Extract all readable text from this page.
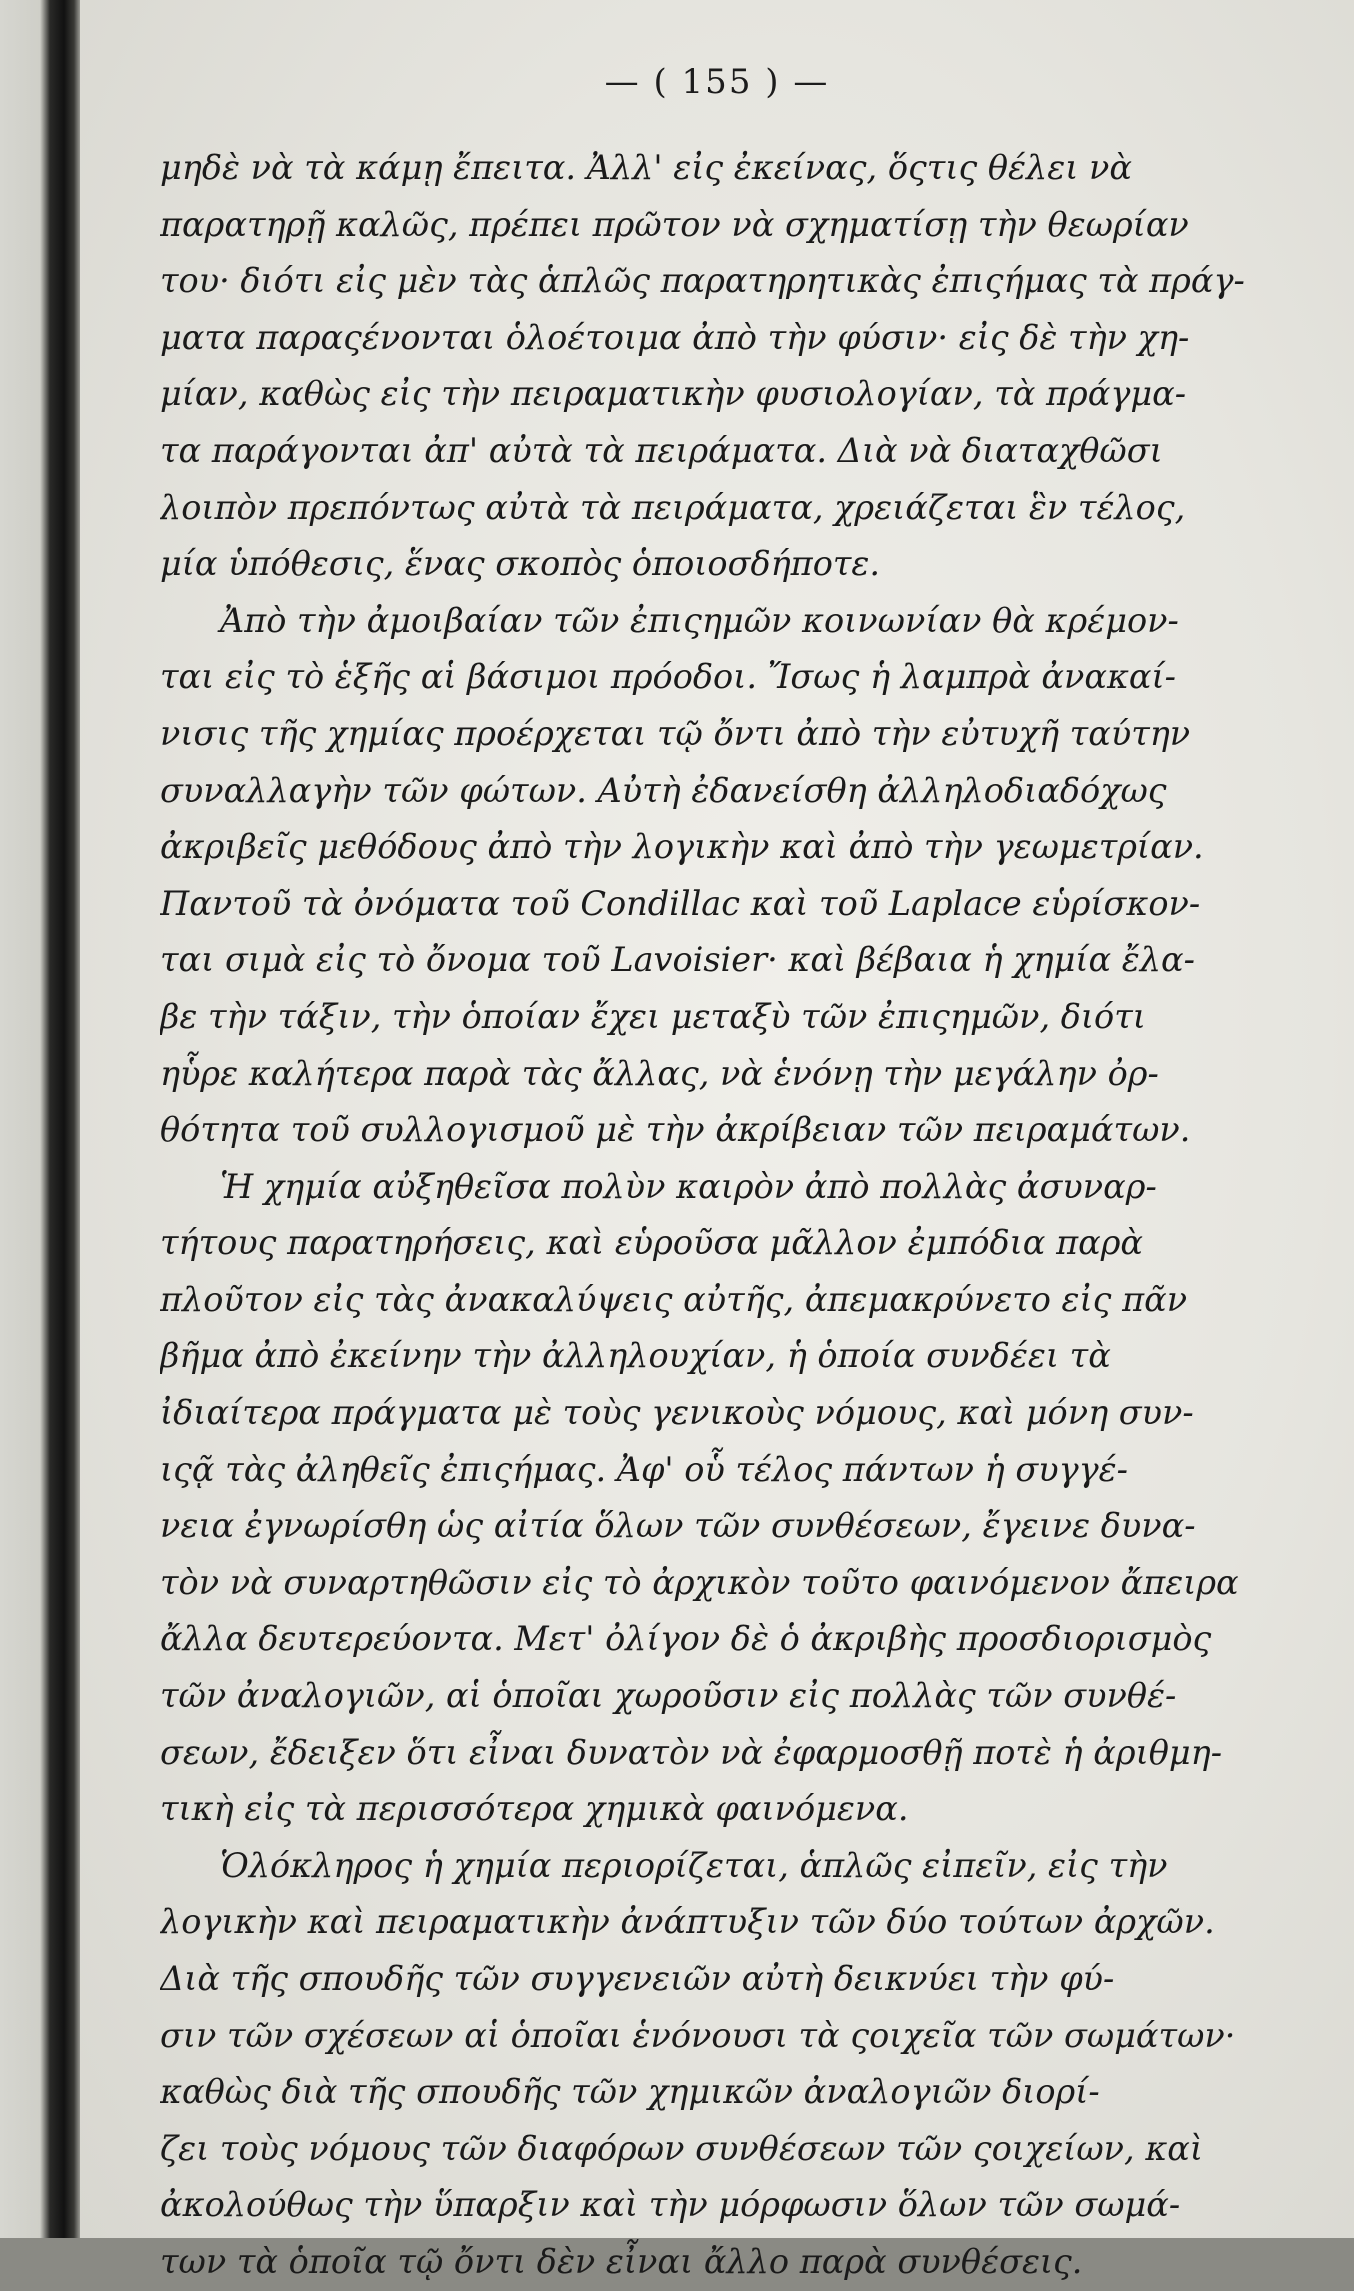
— ( 155 ) —
μηδὲ νὰ τὰ κάμῃ ἔπειτα. Ἀλλ' εἰς ἐκείνας, ὅςτις θέλει νὰ
παρατηρῇ καλῶς, πρέπει πρῶτον νὰ σχηματίσῃ τὴν θεωρίαν
του· διότι εἰς μὲν τὰς ἁπλῶς παρατηρητικὰς ἐπιςήμας τὰ πράγ-
ματα παραςένονται ὁλοέτοιμα ἀπὸ τὴν φύσιν· εἰς δὲ τὴν χη-
μίαν, καθὼς εἰς τὴν πειραματικὴν φυσιολογίαν, τὰ πράγμα-
τα παράγονται ἀπ' αὐτὰ τὰ πειράματα. Διὰ νὰ διαταχθῶσι
λοιπὸν πρεπόντως αὐτὰ τὰ πειράματα, χρειάζεται ἓν τέλος,
μία ὑπόθεσις, ἕνας σκοπὸς ὁποιοσδήποτε.
Ἀπὸ τὴν ἀμοιβαίαν τῶν ἐπιςημῶν κοινωνίαν θὰ κρέμον-
ται εἰς τὸ ἑξῆς αἱ βάσιμοι πρόοδοι. Ἴσως ἡ λαμπρὰ ἀνακαί-
νισις τῆς χημίας προέρχεται τῷ ὄντι ἀπὸ τὴν εὐτυχῆ ταύτην
συναλλαγὴν τῶν φώτων. Αὐτὴ ἐδανείσθη ἀλληλοδιαδόχως
ἀκριβεῖς μεθόδους ἀπὸ τὴν λογικὴν καὶ ἀπὸ τὴν γεωμετρίαν.
Παντοῦ τὰ ὀνόματα τοῦ Condillac καὶ τοῦ Laplace εὑρίσκον-
ται σιμὰ εἰς τὸ ὄνομα τοῦ Lavoisier· καὶ βέβαια ἡ χημία ἔλα-
βε τὴν τάξιν, τὴν ὁποίαν ἔχει μεταξὺ τῶν ἐπιςημῶν, διότι
ηὗρε καλήτερα παρὰ τὰς ἄλλας, νὰ ἑνόνῃ τὴν μεγάλην ὀρ-
θότητα τοῦ συλλογισμοῦ μὲ τὴν ἀκρίβειαν τῶν πειραμάτων.
Ἡ χημία αὐξηθεῖσα πολὺν καιρὸν ἀπὸ πολλὰς ἀσυναρ-
τήτους παρατηρήσεις, καὶ εὑροῦσα μᾶλλον ἐμπόδια παρὰ
πλοῦτον εἰς τὰς ἀνακαλύψεις αὐτῆς, ἀπεμακρύνετο εἰς πᾶν
βῆμα ἀπὸ ἐκείνην τὴν ἀλληλουχίαν, ἡ ὁποία συνδέει τὰ
ἰδιαίτερα πράγματα μὲ τοὺς γενικοὺς νόμους, καὶ μόνη συν-
ιςᾷ τὰς ἀληθεῖς ἐπιςήμας. Ἀφ' οὗ τέλος πάντων ἡ συγγέ-
νεια ἐγνωρίσθη ὡς αἰτία ὅλων τῶν συνθέσεων, ἔγεινε δυνα-
τὸν νὰ συναρτηθῶσιν εἰς τὸ ἀρχικὸν τοῦτο φαινόμενον ἄπειρα
ἄλλα δευτερεύοντα. Μετ' ὀλίγον δὲ ὁ ἀκριβὴς προσδιορισμὸς
τῶν ἀναλογιῶν, αἱ ὁποῖαι χωροῦσιν εἰς πολλὰς τῶν συνθέ-
σεων, ἔδειξεν ὅτι εἶναι δυνατὸν νὰ ἐφαρμοσθῇ ποτὲ ἡ ἀριθμη-
τικὴ εἰς τὰ περισσότερα χημικὰ φαινόμενα.
Ὁλόκληρος ἡ χημία περιορίζεται, ἁπλῶς εἰπεῖν, εἰς τὴν
λογικὴν καὶ πειραματικὴν ἀνάπτυξιν τῶν δύο τούτων ἀρχῶν.
Διὰ τῆς σπουδῆς τῶν συγγενειῶν αὐτὴ δεικνύει τὴν φύ-
σιν τῶν σχέσεων αἱ ὁποῖαι ἑνόνουσι τὰ ςοιχεῖα τῶν σωμάτων·
καθὼς διὰ τῆς σπουδῆς τῶν χημικῶν ἀναλογιῶν διορί-
ζει τοὺς νόμους τῶν διαφόρων συνθέσεων τῶν ςοιχείων, καὶ
ἀκολούθως τὴν ὕπαρξιν καὶ τὴν μόρφωσιν ὅλων τῶν σωμά-
των τὰ ὁποῖα τῷ ὄντι δὲν εἶναι ἄλλο παρὰ συνθέσεις.
